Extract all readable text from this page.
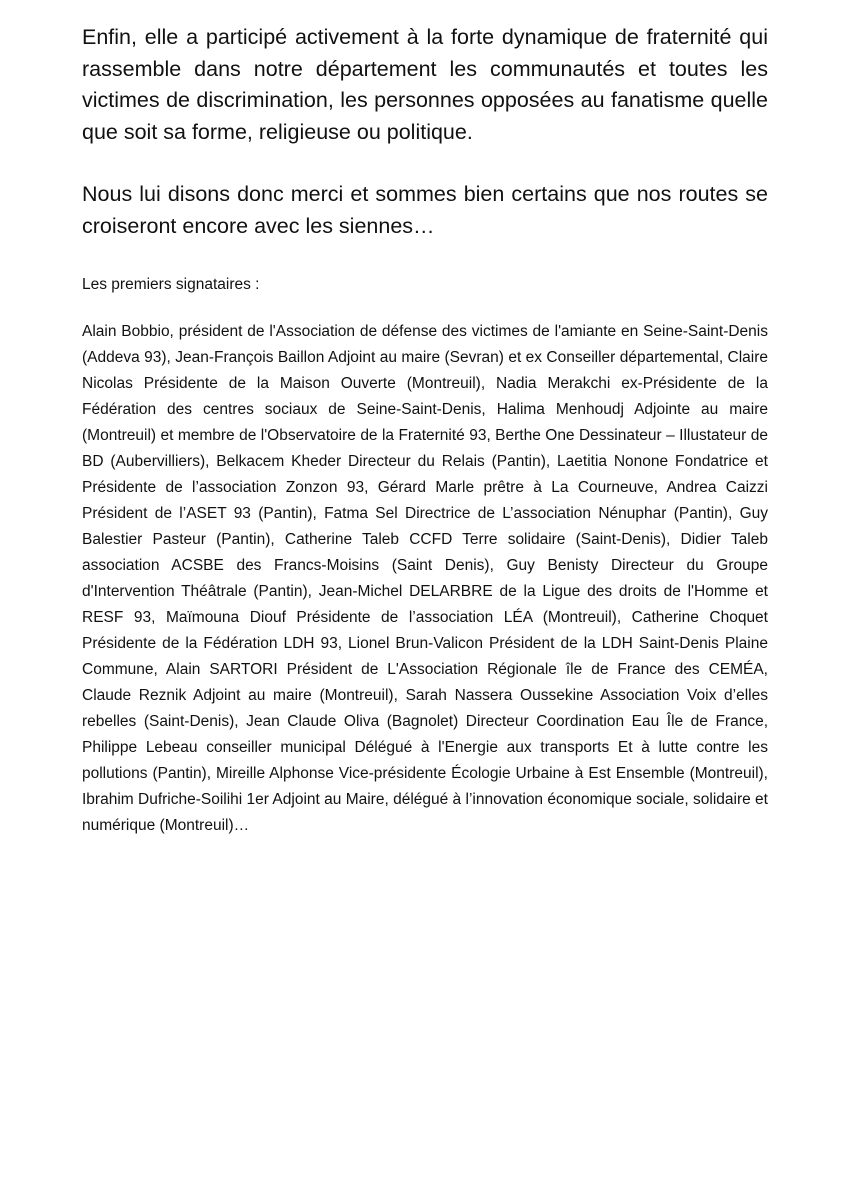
Enfin, elle a participé activement à la forte dynamique de fraternité qui rassemble dans notre département les communautés et toutes les victimes de discrimination, les personnes opposées au fanatisme quelle que soit sa forme, religieuse ou politique.

Nous lui disons donc merci et sommes bien certains que nos routes se croiseront encore avec les siennes…

Les premiers signataires :

Alain Bobbio, président de l'Association de défense des victimes de l'amiante en Seine-Saint-Denis (Addeva 93), Jean-François Baillon Adjoint au maire (Sevran) et ex Conseiller départemental, Claire Nicolas Présidente de la Maison Ouverte (Montreuil), Nadia Merakchi ex-Présidente de la Fédération des centres sociaux de Seine-Saint-Denis, Halima Menhoudj Adjointe au maire (Montreuil) et membre de l'Observatoire de la Fraternité 93, Berthe One Dessinateur – Illustateur de BD (Aubervilliers), Belkacem Kheder Directeur du Relais (Pantin), Laetitia Nonone Fondatrice et Présidente de l’association Zonzon 93, Gérard Marle prêtre à La Courneuve, Andrea Caizzi Président de l’ASET 93 (Pantin), Fatma Sel Directrice de L’association Nénuphar (Pantin), Guy Balestier Pasteur (Pantin), Catherine Taleb CCFD Terre solidaire (Saint-Denis), Didier Taleb association ACSBE des Francs-Moisins (Saint Denis), Guy Benisty Directeur du Groupe d'Intervention Théâtrale (Pantin), Jean-Michel DELARBRE de la Ligue des droits de l'Homme et RESF 93, Maïmouna Diouf Présidente de l’association LÉA (Montreuil), Catherine Choquet Présidente de la Fédération LDH 93, Lionel Brun-Valicon Président de la LDH Saint-Denis Plaine Commune, Alain SARTORI Président de L'Association Régionale île de France des CEMÉA, Claude Reznik Adjoint au maire (Montreuil), Sarah Nassera Oussekine Association Voix d’elles rebelles (Saint-Denis), Jean Claude Oliva (Bagnolet) Directeur Coordination Eau Île de France, Philippe Lebeau conseiller municipal Délégué à l'Energie aux transports Et à lutte contre les pollutions (Pantin), Mireille Alphonse Vice-présidente Écologie Urbaine à Est Ensemble (Montreuil), Ibrahim Dufriche-Soilihi 1er Adjoint au Maire, délégué à l’innovation économique sociale, solidaire et numérique (Montreuil)…
